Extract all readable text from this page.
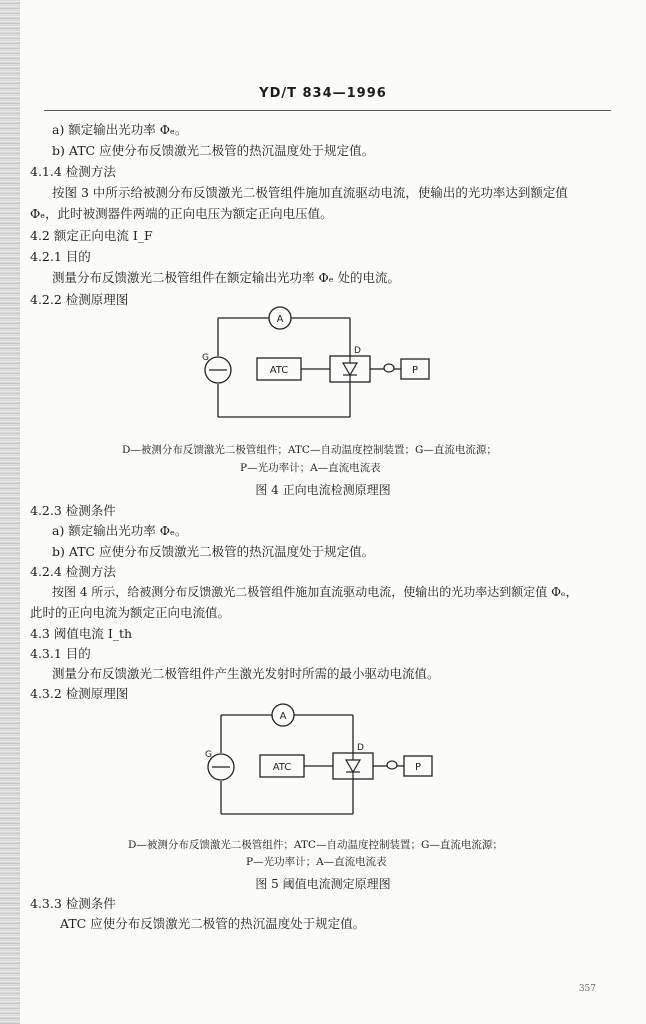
YD/T 834—1996
a) 额定输出光功率 Φₑ。
b) ATC 应使分布反馈激光二极管的热沉温度处于规定值。
4.1.4 检测方法
按图 3 中所示给被测分布反馈激光二极管组件施加直流驱动电流，使输出的光功率达到额定值
Φₑ，此时被测器件两端的正向电压为额定正向电压值。
4.2 额定正向电流 I_F
4.2.1 目的
测量分布反馈激光二极管组件在额定输出光功率 Φₑ 处的电流。
4.2.2 检测原理图
A
G
ATC
D
P
D—被测分布反馈激光二极管组件；ATC—自动温度控制装置；G—直流电流源；
P—光功率计；A—直流电流表
图 4 正向电流检测原理图
4.2.3 检测条件
a) 额定输出光功率 Φₑ。
b) ATC 应使分布反馈激光二极管的热沉温度处于规定值。
4.2.4 检测方法
按图 4 所示，给被测分布反馈激光二极管组件施加直流驱动电流，使输出的光功率达到额定值 Φₑ，
此时的正向电流为额定正向电流值。
4.3 阈值电流 I_th
4.3.1 目的
测量分布反馈激光二极管组件产生激光发射时所需的最小驱动电流值。
4.3.2 检测原理图
A
G
ATC
D
P
D—被测分布反馈激光二极管组件；ATC—自动温度控制装置；G—直流电流源；
P—光功率计；A—直流电流表
图 5 阈值电流测定原理图
4.3.3 检测条件
ATC 应使分布反馈激光二极管的热沉温度处于规定值。
357
